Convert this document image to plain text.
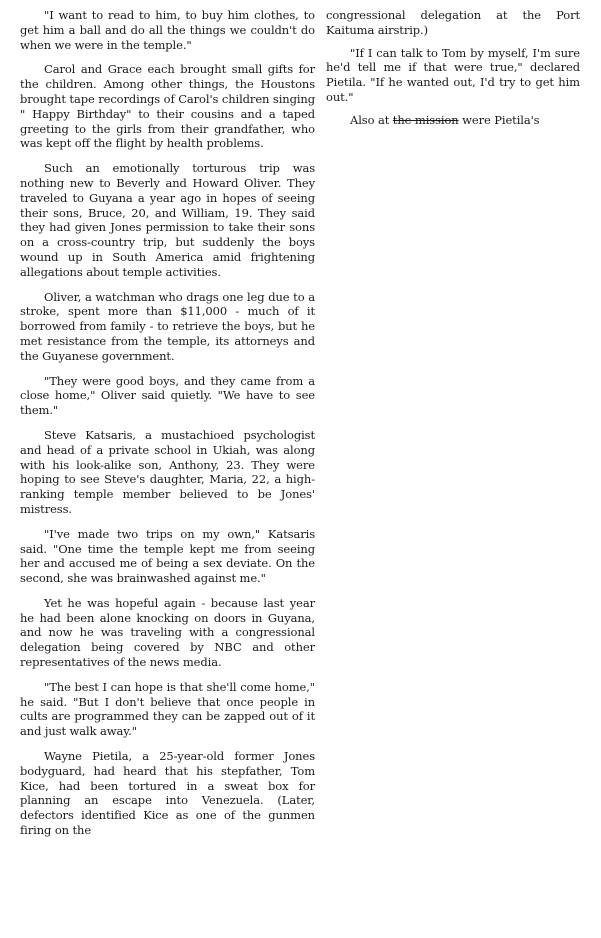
"I want to read to him, to buy him clothes, to get him a ball and do all the things we couldn't do when we were in the temple."

Carol and Grace each brought small gifts for the children. Among other things, the Houstons brought tape recordings of Carol's children singing " Happy Birthday" to their cousins and a taped greeting to the girls from their grandfather, who was kept off the flight by health problems.

Such an emotionally torturous trip was nothing new to Beverly and Howard Oliver. They traveled to Guyana a year ago in hopes of seeing their sons, Bruce, 20, and William, 19. They said they had given Jones permission to take their sons on a cross-country trip, but suddenly the boys wound up in South America amid frightening allegations about temple activities.

Oliver, a watchman who drags one leg due to a stroke, spent more than $11,000 - much of it borrowed from family - to retrieve the boys, but he met resistance from the temple, its attorneys and the Guyanese government.

"They were good boys, and they came from a close home," Oliver said quietly. "We have to see them."

Steve Katsaris, a mustachioed psychologist and head of a private school in Ukiah, was along with his look-alike son, Anthony, 23. They were hoping to see Steve's daughter, Maria, 22, a high-ranking temple member believed to be Jones' mistress.

"I've made two trips on my own," Katsaris said. "One time the temple kept me from seeing her and accused me of being a sex deviate. On the second, she was brainwashed against me."

Yet he was hopeful again - because last year he had been alone knocking on doors in Guyana, and now he was traveling with a congressional delegation being covered by NBC and other representatives of the news media.

"The best I can hope is that she'll come home," he said. "But I don't believe that once people in cults are programmed they can be zapped out of it and just walk away."

Wayne Pietila, a 25-year-old former Jones bodyguard, had heard that his stepfather, Tom Kice, had been tortured in a sweat box for planning an escape into Venezuela. (Later, defectors identified Kice as one of the gunmen firing on the

congressional delegation at the Port Kaituma airstrip.)

"If I can talk to Tom by myself, I'm sure he'd tell me if that were true," declared Pietila. "If he wanted out, I'd try to get him out."

Also at the mission were Pietila's
